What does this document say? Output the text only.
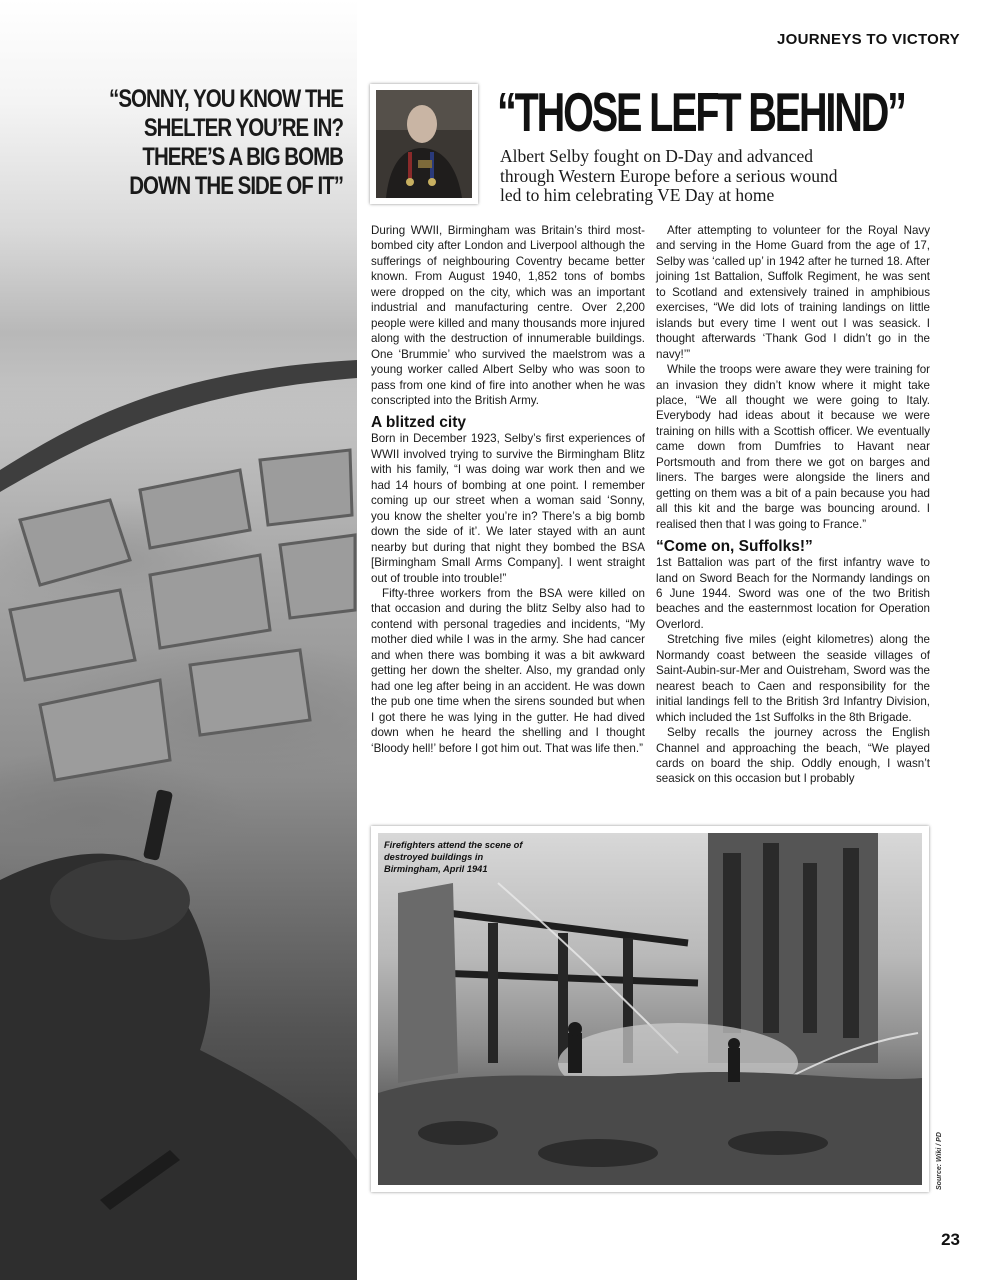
“SONNY, YOU KNOW THE
SHELTER YOU’RE IN?
THERE’S A BIG BOMB
DOWN THE SIDE OF IT”
JOURNEYS TO VICTORY
“THOSE LEFT BEHIND”
Albert Selby fought on D-Day and advanced through Western Europe before a serious wound led to him celebrating VE Day at home

During WWII, Birmingham was Britain’s third most-bombed city after London and Liverpool although the sufferings of neighbouring Coventry became better known. From August 1940, 1,852 tons of bombs were dropped on the city, which was an important industrial and manufacturing centre. Over 2,200 people were killed and many thousands more injured along with the destruction of innumerable buildings. One ‘Brummie’ who survived the maelstrom was a young worker called Albert Selby who was soon to pass from one kind of fire into another when he was conscripted into the British Army.

A blitzed city

Born in December 1923, Selby’s first experiences of WWII involved trying to survive the Birmingham Blitz with his family, “I was doing war work then and we had 14 hours of bombing at one point. I remember coming up our street when a woman said ‘Sonny, you know the shelter you’re in? There’s a big bomb down the side of it’. We later stayed with an aunt nearby but during that night they bombed the BSA [Birmingham Small Arms Company]. I went straight out of trouble into trouble!”

Fifty-three workers from the BSA were killed on that occasion and during the blitz Selby also had to contend with personal tragedies and incidents, “My mother died while I was in the army. She had cancer and when there was bombing it was a bit awkward getting her down the shelter. Also, my grandad only had one leg after being in an accident. He was down the pub one time when the sirens sounded but when I got there he was lying in the gutter. He had dived down when he heard the shelling and I thought ‘Bloody hell!’ before I got him out. That was life then.”

After attempting to volunteer for the Royal Navy and serving in the Home Guard from the age of 17, Selby was ‘called up’ in 1942 after he turned 18. After joining 1st Battalion, Suffolk Regiment, he was sent to Scotland and extensively trained in amphibious exercises, “We did lots of training landings on little islands but every time I went out I was seasick. I thought afterwards ‘Thank God I didn’t go in the navy!’”

While the troops were aware they were training for an invasion they didn’t know where it might take place, “We all thought we were going to Italy. Everybody had ideas about it because we were training on hills with a Scottish officer. We eventually came down from Dumfries to Havant near Portsmouth and from there we got on barges and liners. The barges were alongside the liners and getting on them was a bit of a pain because you had all this kit and the barge was bouncing around. I realised then that I was going to France.”

“Come on, Suffolks!”

1st Battalion was part of the first infantry wave to land on Sword Beach for the Normandy landings on 6 June 1944. Sword was one of the two British beaches and the easternmost location for Operation Overlord.

Stretching five miles (eight kilometres) along the Normandy coast between the seaside villages of Saint-Aubin-sur-Mer and Ouistreham, Sword was the nearest beach to Caen and responsibility for the initial landings fell to the British 3rd Infantry Division, which included the 1st Suffolks in the 8th Brigade.

Selby recalls the journey across the English Channel and approaching the beach, “We played cards on board the ship. Oddly enough, I wasn’t seasick on this occasion but I probably

Firefighters attend the scene of destroyed buildings in Birmingham, April 1941
Source: Wiki / PD
23
